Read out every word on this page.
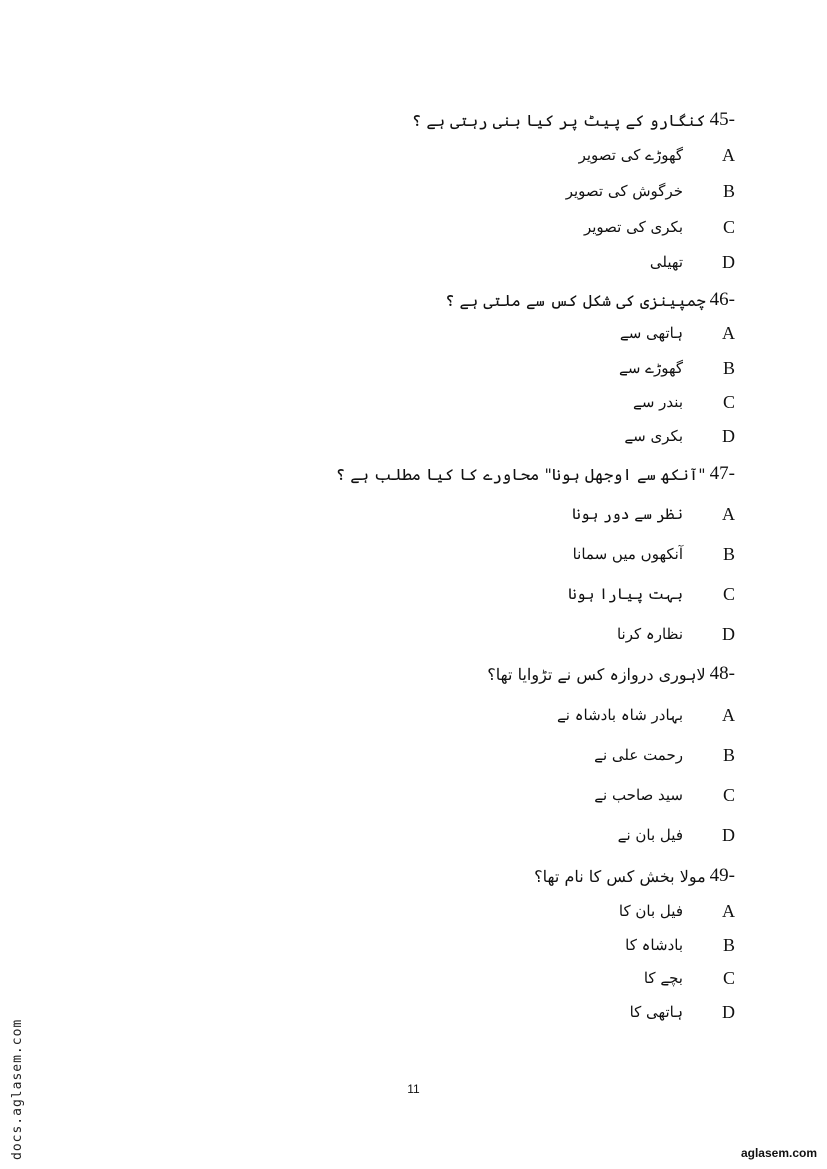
45-
کنگارو کے پیٹ پر کیا بنی رہتی ہے ؟
A
گھوڑے کی تصویر
B
خرگوش کی تصویر
C
بکری کی تصویر
D
تھیلی
46-
چمپینزی کی شکل کس سے ملتی ہے ؟
A
ہاتھی سے
B
گھوڑے سے
C
بندر سے
D
بکری سے
47-
"آنکھ سے اوجھل ہونا" محاورے کا کیا مطلب ہے ؟
A
نظر سے دور ہونا
B
آنکھوں میں سمانا
C
بہت پیارا ہونا
D
نظارہ کرنا
48-
لاہوری دروازہ کس نے تڑوایا تھا؟
A
بہادر شاہ بادشاہ نے
B
رحمت علی نے
C
سید صاحب نے
D
فیل بان نے
49-
مولا بخش کس کا نام تھا؟
A
فیل بان کا
B
بادشاہ کا
C
بچے کا
D
ہاتھی کا
11
docs.aglasem.com	aglasem.com
